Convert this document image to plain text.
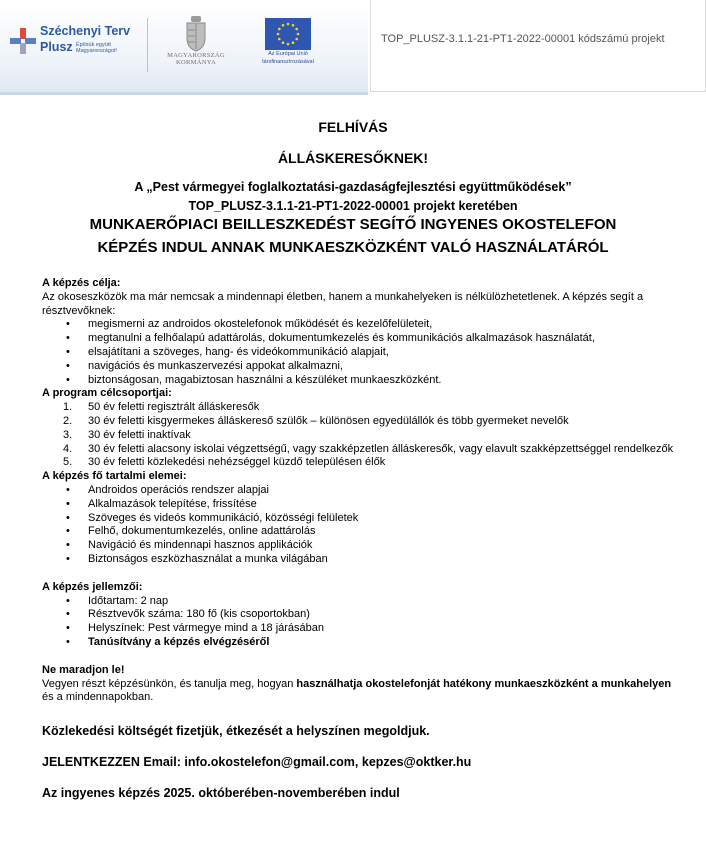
Széchenyi Terv
Plusz Építsük együtt Magyarországot!
MAGYARORSZÁG
KORMÁNYA
Az Európai Unió
társfinanszírozásával
TOP_PLUSZ-3.1.1-21-PT1-2022-00001 kódszámú projekt
FELHÍVÁS
ÁLLÁSKERESŐKNEK!
A „Pest vármegyei foglalkoztatási-gazdaságfejlesztési együttműködések”
TOP_PLUSZ-3.1.1-21-PT1-2022-00001 projekt keretében
MUNKAERŐPIACI BEILLESZKEDÉST SEGÍTŐ INGYENES OKOSTELEFON
KÉPZÉS INDUL ANNAK MUNKAESZKÖZKÉNT VALÓ HASZNÁLATÁRÓL

A képzés célja:

Az okoseszközök ma már nemcsak a mindennapi életben, hanem a munkahelyeken is nélkülözhetetlenek. A képzés segít a résztvevőknek:

• megismerni az androidos okostelefonok működését és kezelőfelületeit,
• megtanulni a felhőalapú adattárolás, dokumentumkezelés és kommunikációs alkalmazások használatát,
• elsajátítani a szöveges, hang- és videókommunikáció alapjait,
• navigációs és munkaszervezési appokat alkalmazni,
• biztonságosan, magabiztosan használni a készüléket munkaeszközként.

A program célcsoportjai:

1. 50 év feletti regisztrált álláskeresők
2. 30 év feletti kisgyermekes álláskereső szülők – különösen egyedülállók és több gyermeket nevelők
3. 30 év feletti inaktívak
4. 30 év feletti alacsony iskolai végzettségű, vagy szakképzetlen álláskeresők, vagy elavult szakképzettséggel rendelkezők
5. 30 év feletti közlekedési nehézséggel küzdő településen élők

A képzés fő tartalmi elemei:

• Androidos operációs rendszer alapjai
• Alkalmazások telepítése, frissítése
• Szöveges és videós kommunikáció, közösségi felületek
• Felhő, dokumentumkezelés, online adattárolás
• Navigáció és mindennapi hasznos applikációk
• Biztonságos eszközhasználat a munka világában

A képzés jellemzői:

• Időtartam: 2 nap
• Résztvevők száma: 180 fő (kis csoportokban)
• Helyszínek: Pest vármegye mind a 18 járásában
• Tanúsítvány a képzés elvégzéséről

Ne maradjon le!

Vegyen részt képzésünkön, és tanulja meg, hogyan használhatja okostelefonját hatékony munkaeszközként a munkahelyen és a mindennapokban.

Közlekedési költségét fizetjük, étkezését a helyszínen megoldjuk.

JELENTKEZZEN Email: info.okostelefon@gmail.com, kepzes@oktker.hu

Az ingyenes képzés 2025. októberében-novemberében indul
